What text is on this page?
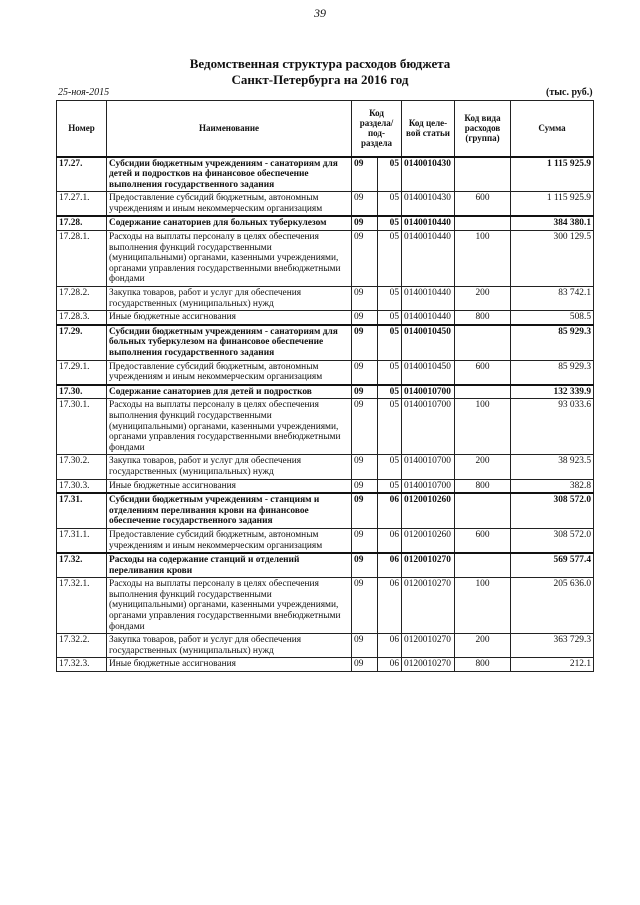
39
Ведомственная структура расходов бюджета
Санкт-Петербурга на 2016 год
25-ноя-2015	(тыс. руб.)
Номер	Наименование	Код раздела/ под-раздела		Код целе-вой статьи	Код вида расходов (группа)	Сумма
17.27.	Субсидии бюджетным учреждениям - санаториям для детей и подростков на финансовое обеспечение выполнения государственного задания	09	05	0140010430		1 115 925.9
17.27.1.	Предоставление субсидий бюджетным, автономным учреждениям и иным некоммерческим организациям	09	05	0140010430	600	1 115 925.9
17.28.	Содержание санаториев для больных туберкулезом	09	05	0140010440		384 380.1
17.28.1.	Расходы на выплаты персоналу в целях обеспечения выполнения функций государственными (муниципальными) органами, казенными учреждениями, органами управления государственными внебюджетными фондами	09	05	0140010440	100	300 129.5
17.28.2.	Закупка товаров, работ и услуг для обеспечения государственных (муниципальных) нужд	09	05	0140010440	200	83 742.1
17.28.3.	Иные бюджетные ассигнования	09	05	0140010440	800	508.5
17.29.	Субсидии бюджетным учреждениям - санаториям для больных туберкулезом на финансовое обеспечение выполнения государственного задания	09	05	0140010450		85 929.3
17.29.1.	Предоставление субсидий бюджетным, автономным учреждениям и иным некоммерческим организациям	09	05	0140010450	600	85 929.3
17.30.	Содержание санаториев для детей и подростков	09	05	0140010700		132 339.9
17.30.1.	Расходы на выплаты персоналу в целях обеспечения выполнения функций государственными (муниципальными) органами, казенными учреждениями, органами управления государственными внебюджетными фондами	09	05	0140010700	100	93 033.6
17.30.2.	Закупка товаров, работ и услуг для обеспечения государственных (муниципальных) нужд	09	05	0140010700	200	38 923.5
17.30.3.	Иные бюджетные ассигнования	09	05	0140010700	800	382.8
17.31.	Субсидии бюджетным учреждениям - станциям и отделениям переливания крови на финансовое обеспечение государственного задания	09	06	0120010260		308 572.0
17.31.1.	Предоставление субсидий бюджетным, автономным учреждениям и иным некоммерческим организациям	09	06	0120010260	600	308 572.0
17.32.	Расходы на содержание станций и отделений переливания крови	09	06	0120010270		569 577.4
17.32.1.	Расходы на выплаты персоналу в целях обеспечения выполнения функций государственными (муниципальными) органами, казенными учреждениями, органами управления государственными внебюджетными фондами	09	06	0120010270	100	205 636.0
17.32.2.	Закупка товаров, работ и услуг для обеспечения государственных (муниципальных) нужд	09	06	0120010270	200	363 729.3
17.32.3.	Иные бюджетные ассигнования	09	06	0120010270	800	212.1
